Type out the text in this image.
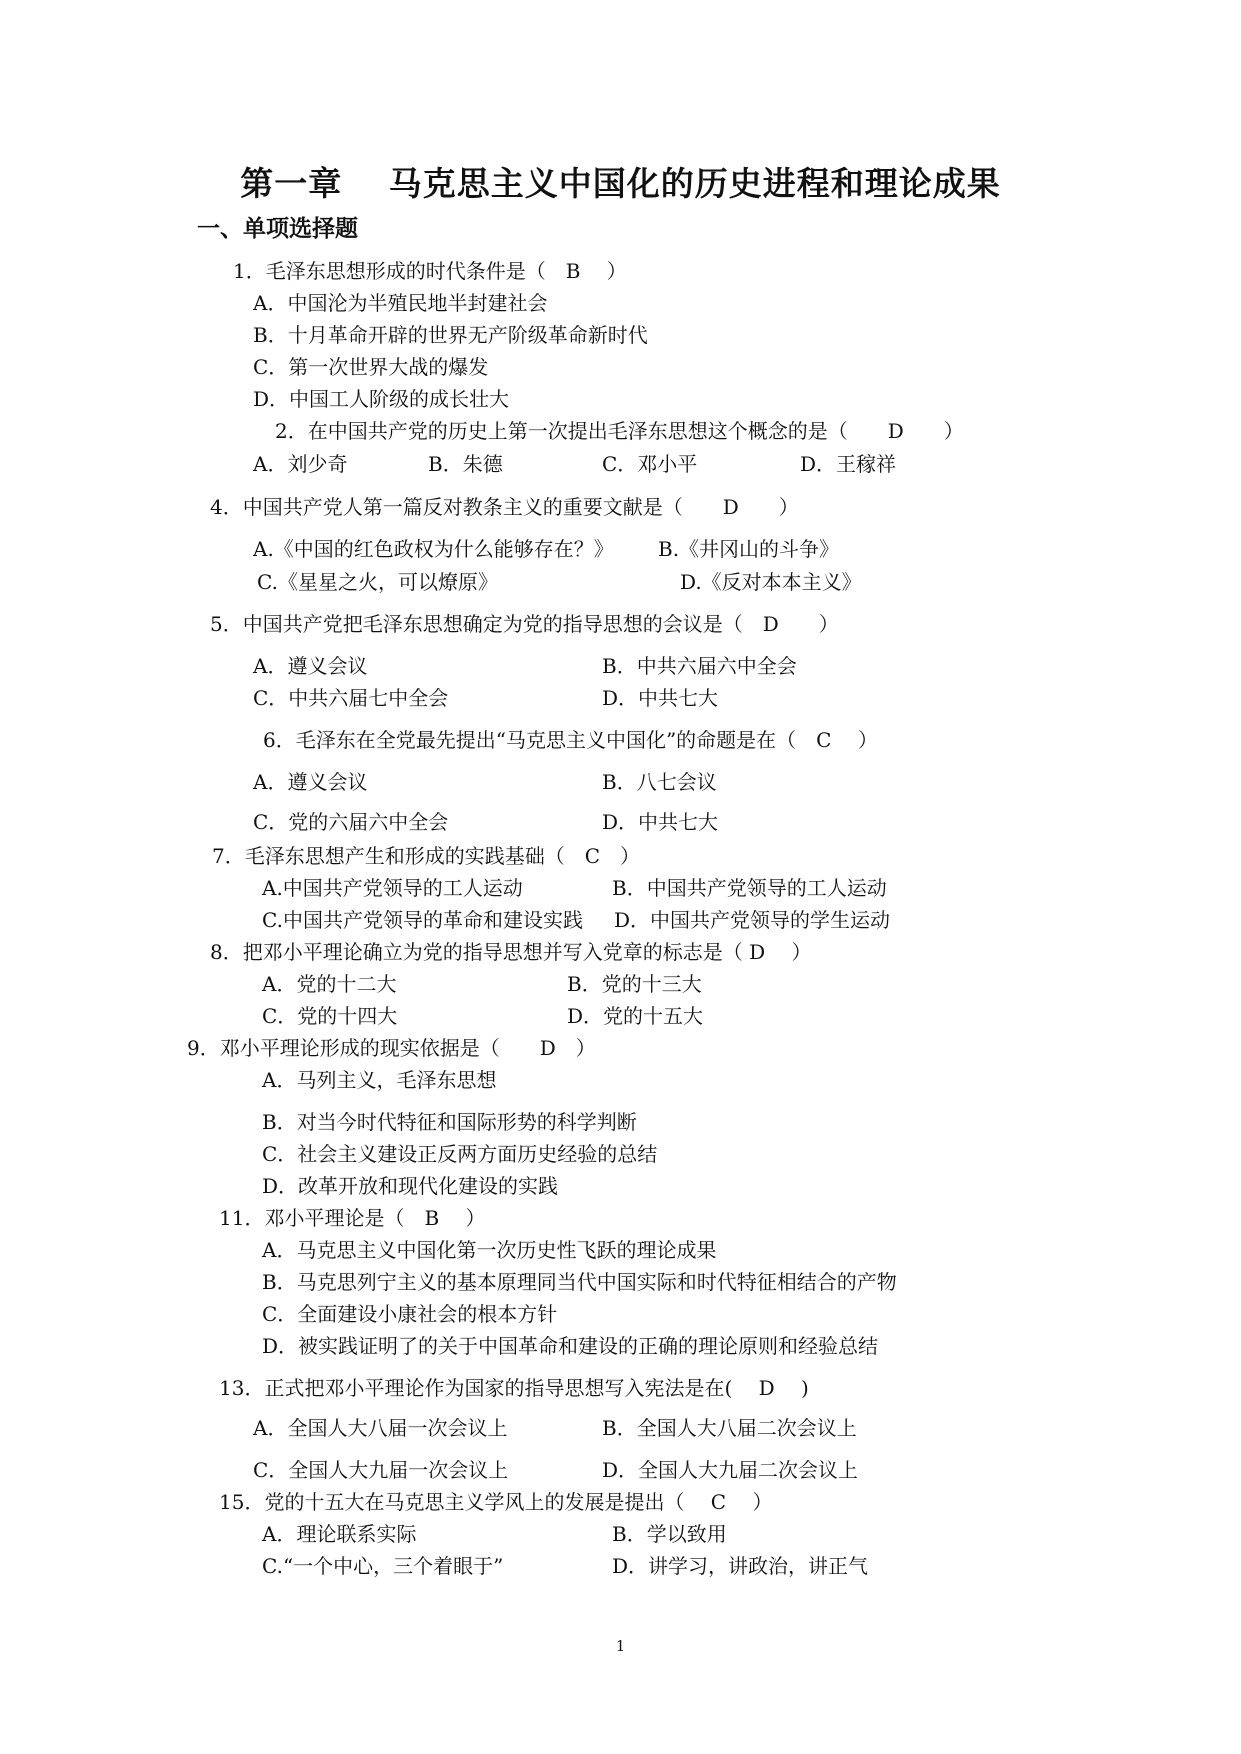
第一章　 马克思主义中国化的历史进程和理论成果
一、单项选择题
1．毛泽东思想形成的时代条件是（　B　 ）
A．中国沦为半殖民地半封建社会
B．十月革命开辟的世界无产阶级革命新时代
C．第一次世界大战的爆发
D．中国工人阶级的成长壮大
2．在中国共产党的历史上第一次提出毛泽东思想这个概念的是（　　D　　）
A．刘少奇	B．朱德	C．邓小平	D．王稼祥
4．中国共产党人第一篇反对教条主义的重要文献是（　　D　　）
A.《中国的红色政权为什么能够存在？》 B.《井冈山的斗争》
C.《星星之火，可以燎原》	D.《反对本本主义》
5．中国共产党把毛泽东思想确定为党的指导思想的会议是（　D　　）
A．遵义会议	B．中共六届六中全会
C．中共六届七中全会	D．中共七大
6．毛泽东在全党最先提出“马克思主义中国化”的命题是在（　C　 ）
A．遵义会议	B．八七会议
C．党的六届六中全会	D．中共七大
7．毛泽东思想产生和形成的实践基础（　C　）
A.中国共产党领导的工人运动	B．中国共产党领导的工人运动
C.中国共产党领导的革命和建设实践 D．中国共产党领导的学生运动
8．把邓小平理论确立为党的指导思想并写入党章的标志是（ D　 ）
A．党的十二大	B．党的十三大
C．党的十四大	D．党的十五大
9．邓小平理论形成的现实依据是（　　D　）
A．马列主义，毛泽东思想
B．对当今时代特征和国际形势的科学判断
C．社会主义建设正反两方面历史经验的总结
D．改革开放和现代化建设的实践
11．邓小平理论是（　B　 ）
A．马克思主义中国化第一次历史性飞跃的理论成果
B．马克思列宁主义的基本原理同当代中国实际和时代特征相结合的产物
C．全面建设小康社会的根本方针
D．被实践证明了的关于中国革命和建设的正确的理论原则和经验总结
13．正式把邓小平理论作为国家的指导思想写入宪法是在(　 D　 )
A．全国人大八届一次会议上	B．全国人大八届二次会议上
C．全国人大九届一次会议上	D．全国人大九届二次会议上
15．党的十五大在马克思主义学风上的发展是提出（　 C　 ）
A．理论联系实际	B．学以致用
C.“一个中心，三个着眼于”	D．讲学习，讲政治，讲正气
1
